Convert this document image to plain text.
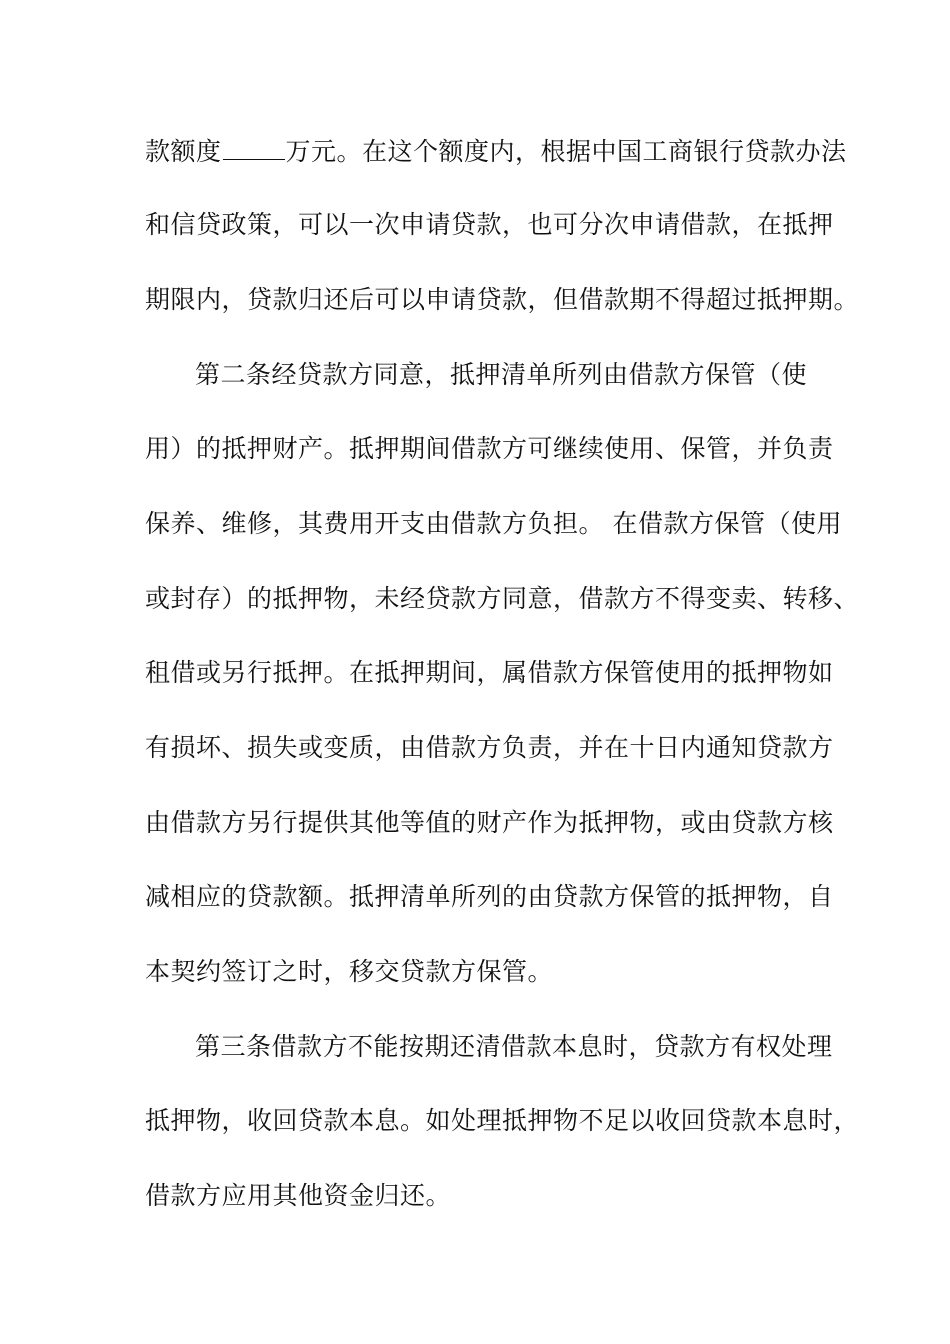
款额度	万元。在这个额度内，根据中国工商银行贷款办法
和信贷政策，可以一次申请贷款，也可分次申请借款，在抵押
期限内，贷款归还后可以申请贷款，但借款期不得超过抵押期。
第二条经贷款方同意，抵押清单所列由借款方保管（使
用）的抵押财产。抵押期间借款方可继续使用、保管，并负责
保养、维修，其费用开支由借款方负担。 在借款方保管（使用
或封存）的抵押物，未经贷款方同意，借款方不得变卖、转移、
租借或另行抵押。在抵押期间，属借款方保管使用的抵押物如
有损坏、损失或变质，由借款方负责，并在十日内通知贷款方
由借款方另行提供其他等值的财产作为抵押物，或由贷款方核
减相应的贷款额。抵押清单所列的由贷款方保管的抵押物，自
本契约签订之时，移交贷款方保管。
第三条借款方不能按期还清借款本息时，贷款方有权处理
抵押物，收回贷款本息。如处理抵押物不足以收回贷款本息时，
借款方应用其他资金归还。
